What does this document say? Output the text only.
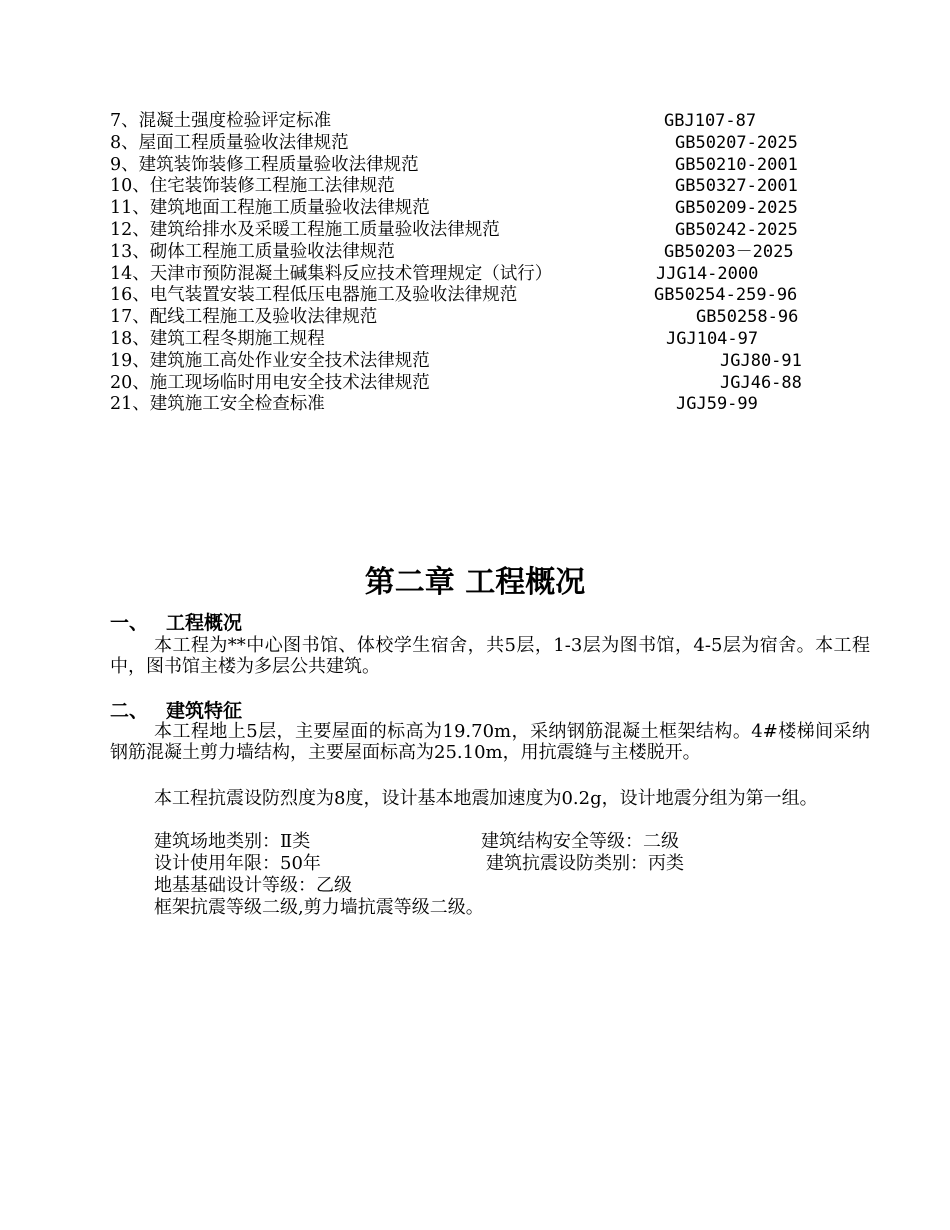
7、混凝土强度检验评定标准	GBJ107-87
8、屋面工程质量验收法律规范	GB50207-2025
9、建筑装饰装修工程质量验收法律规范	GB50210-2001
10、住宅装饰装修工程施工法律规范	GB50327-2001
11、建筑地面工程施工质量验收法律规范	GB50209-2025
12、建筑给排水及采暖工程施工质量验收法律规范	GB50242-2025
13、砌体工程施工质量验收法律规范	GB50203－2025
14、天津市预防混凝土碱集料反应技术管理规定（试行）	JJG14-2000
16、电气装置安装工程低压电器施工及验收法律规范	GB50254-259-96
17、配线工程施工及验收法律规范	GB50258-96
18、建筑工程冬期施工规程	JGJ104-97
19、建筑施工高处作业安全技术法律规范	JGJ80-91
20、施工现场临时用电安全技术法律规范	JGJ46-88
21、建筑施工安全检查标准	JGJ59-99
第二章 工程概况
一、 工程概况

本工程为**中心图书馆、体校学生宿舍，共5层，1-3层为图书馆，4-5层为宿舍。本工程中，图书馆主楼为多层公共建筑。

二、 建筑特征

本工程地上5层，主要屋面的标高为19.70m，采纳钢筋混凝土框架结构。4#楼梯间采纳钢筋混凝土剪力墙结构，主要屋面标高为25.10m，用抗震缝与主楼脱开。

本工程抗震设防烈度为8度，设计基本地震加速度为0.2g，设计地震分组为第一组。

建筑场地类别：Ⅱ类	建筑结构安全等级：二级
设计使用年限：50年	建筑抗震设防类别：丙类
地基基础设计等级：乙级
框架抗震等级二级,剪力墙抗震等级二级。
